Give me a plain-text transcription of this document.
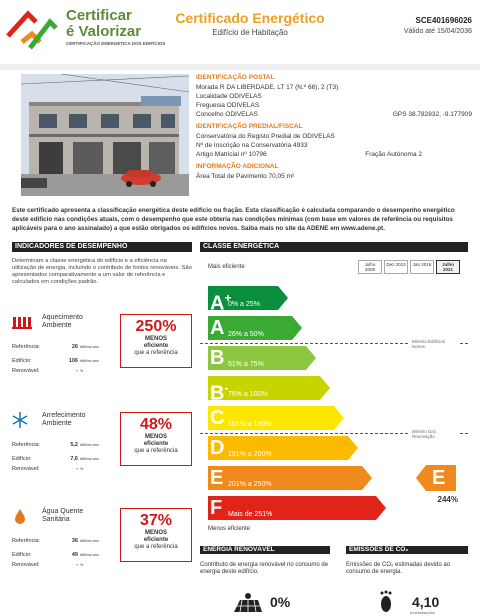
Certificar
é Valorizar
CERTIFICAÇÃO ENERGÉTICA DOS EDIFÍCIOS
Certificado Energético
Edifício de Habitação
SCE401696026
Válido até 15/04/2036
IDENTIFICAÇÃO POSTAL
Morada R DA LIBERDADE, LT 17 (N.º 66), 2 (T3)
Localidade ODIVELAS
Freguesia ODIVELAS
Concelho ODIVELAS	GPS 38.782832, -9.177909
IDENTIFICAÇÃO PREDIAL/FISCAL
Conservatória do Registo Predial de ODIVELAS
Nº de Inscrição na Conservatória 4933
Artigo Matricial nº 10796	Fração Autónoma 2
INFORMAÇÃO ADICIONAL
Área Total de Pavimento 70,05 m²
Este certificado apresenta a classificação energética deste edifício ou fração. Esta classificação é calculada comparando o desempenho energético deste edifício nas condições atuais, com o desempenho que este obteria nas condições mínimas (com base em valores de referência ou requisitos aplicáveis para o ano assinalado) a que estão obrigados os edifícios novos. Saiba mais no site da ADENE em www.adene.pt.
INDICADORES DE DESEMPENHO
Determinam a classe energética do edifício e a eficiência na utilização de energia, incluindo o contributo de fontes renováveis. São apresentados comparativamente a um valor de referência e calculados em condições padrão.
Aquecimento Ambiente
Referência:	26 kWh/m².ano
Edifício:	106 kWh/m².ano
Renovável:	- %
250%
MENOS
eficiente
que a referência
Arrefecimento Ambiente
Referência:	5,2 kWh/m².ano
Edifício:	7,6 kWh/m².ano
Renovável:	- %
48%
MENOS
eficiente
que a referência
Água Quente Sanitária
Referência:	36 kWh/m².ano
Edifício:	49 kWh/m².ano
Renovável:	- %
37%
MENOS
eficiente
que a referência
CLASSE ENERGÉTICA
Mais eficiente	Julho 2008
Dez 2013	Jan 2016	Julho 2021
Menos eficiente
A+
0% a 25%
A 26% a 50%
B 51% a 75%
B- 76% a 100%
C 101% a 150%
D 151% a 200%
E 201% a 250%
F Mais de 251%
Mínimo Edifícios Novos
Mínimo Grd. Renovação
E
244%
ENERGIA RENOVÁVEL	EMISSÕES DE CO₂
Contributo de energia renovável no consumo de energia deste edifício.
Emissões de CO₂ estimadas devido ao consumo de energia.
0%	4,10
toneladas/ano
